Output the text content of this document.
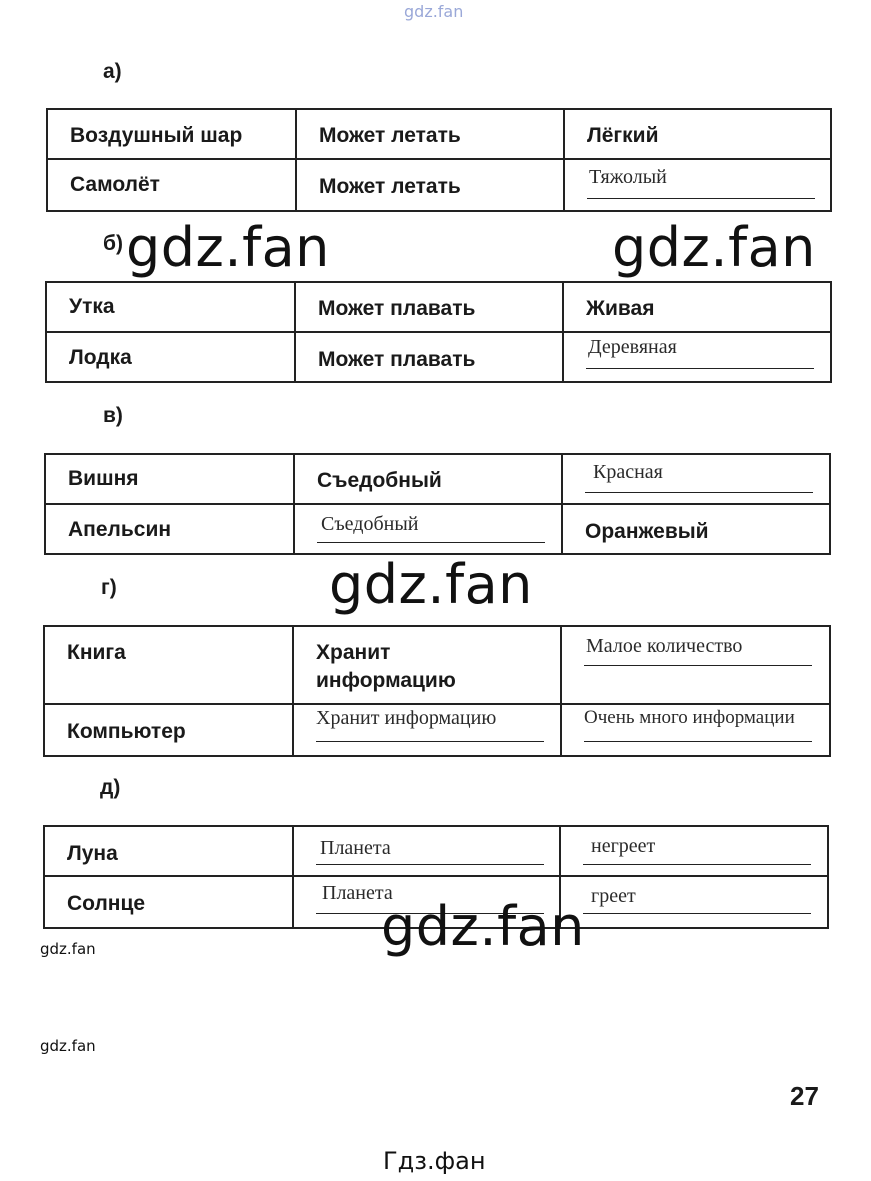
gdz.fan
а)
Воздушный шар	Может летать	Лёгкий

Самолёт	Может летать	Тяжолый
б)
Утка	Может плавать	Живая

Лодка	Может плавать	Деревяная
в)
Вишня	Съедобный	Красная

Апельсин	Съедобный	Оранжевый
г)
Книга	Хранит информацию	Малое количество

Компьютер	Хранит информацию	Очень много информации
д)
Луна	Планета	негреет

Солнце	Планета	греет
gdz.fan	gdz.fan
gdz.fan
gdz.fan
gdz.fan
gdz.fan
27
Гдз.фан
